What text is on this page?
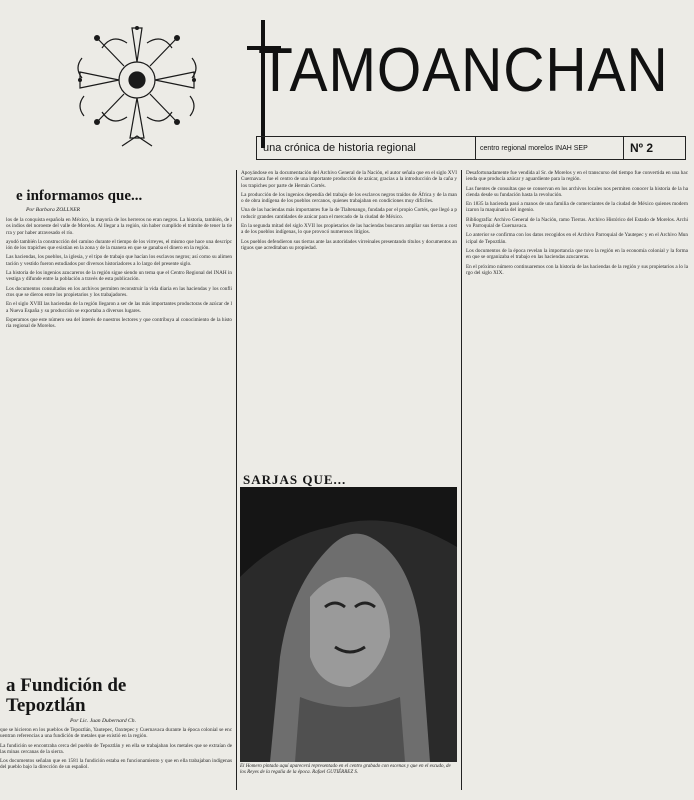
TAMOANCHAN
una crónica de historia regional	centro regional morelos INAH SEP	Nº 2
e informamos que...
Por Barbara ZOLLNER

los de la conquista española en México, la mayoría de los herreros no eran negros. La historia, también, de los indios del noroeste del valle de Morelos. Al llegar a la región, sin haber cumplido el trámite de tener la tierra y por haber atravesado el río.

ayudó también la construcción del camino durante el tiempo de los virreyes, el mismo que hace una descripción de los trapiches que existían en la zona y de la manera en que se ganaba el dinero en la región.

Las haciendas, los pueblos, la iglesia, y el tipo de trabajo que hacían los esclavos negros; así como su alimentación y vestido fueron estudiados por diversos historiadores a lo largo del presente siglo.

La historia de los ingenios azucareros de la región sigue siendo un tema que el Centro Regional del INAH investiga y difunde entre la población a través de esta publicación.

Los documentos consultados en los archivos permiten reconstruir la vida diaria en las haciendas y los conflictos que se dieron entre los propietarios y los trabajadores.

En el siglo XVIII las haciendas de la región llegaron a ser de las más importantes productoras de azúcar de la Nueva España y su producción se exportaba a diversos lugares.

Esperamos que este número sea del interés de nuestros lectores y que contribuya al conocimiento de la historia regional de Morelos.

a Fundición de
Tepoztlán
Por Lic. Juan Dubernard Ch.

que se hicieron en los pueblos de Tepoztlán, Yautepec, Oaxtepec y Cuernavaca durante la época colonial se encuentran referencias a una fundición de metales que existió en la región.

La fundición se encontraba cerca del pueblo de Tepoztlán y en ella se trabajaban los metales que se extraían de las minas cercanas de la sierra.

Los documentos señalan que en 1581 la fundición estaba en funcionamiento y que en ella trabajaban indígenas del pueblo bajo la dirección de un español.

Apoyándose en la documentación del Archivo General de la Nación, el autor señala que en el siglo XVI Cuernavaca fue el centro de una importante producción de azúcar, gracias a la introducción de la caña y los trapiches por parte de Hernán Cortés.

La producción de los ingenios dependía del trabajo de los esclavos negros traídos de África y de la mano de obra indígena de los pueblos cercanos, quienes trabajaban en condiciones muy difíciles.

Una de las haciendas más importantes fue la de Tlaltenango, fundada por el propio Cortés, que llegó a producir grandes cantidades de azúcar para el mercado de la ciudad de México.

En la segunda mitad del siglo XVII los propietarios de las haciendas buscaron ampliar sus tierras a costa de los pueblos indígenas, lo que provocó numerosos litigios.

Los pueblos defendieron sus tierras ante las autoridades virreinales presentando títulos y documentos antiguos que acreditaban su propiedad.

SARJAS QUE...
El Homero pintado aquí aparecerá representado en el centro grabado con escenas y que en el escudo, de los Reyes de la regalía de la época. Rafael GUTIÉRREZ S.

Desafortunadamente fue vendida al Sr. de Morelos y en el transcurso del tiempo fue convertida en una hacienda que producía azúcar y aguardiente para la región.

Las fuentes de consultas que se conservan en los archivos locales nos permiten conocer la historia de la hacienda desde su fundación hasta la revolución.

En 1835 la hacienda pasó a manos de una familia de comerciantes de la ciudad de México quienes modernizaron la maquinaria del ingenio.

Bibliografía: Archivo General de la Nación, ramo Tierras. Archivo Histórico del Estado de Morelos. Archivo Parroquial de Cuernavaca.

Lo anterior se confirma con los datos recogidos en el Archivo Parroquial de Yautepec y en el Archivo Municipal de Tepoztlán.

Los documentos de la época revelan la importancia que tuvo la región en la economía colonial y la forma en que se organizaba el trabajo en las haciendas azucareras.

En el próximo número continuaremos con la historia de las haciendas de la región y sus propietarios a lo largo del siglo XIX.
